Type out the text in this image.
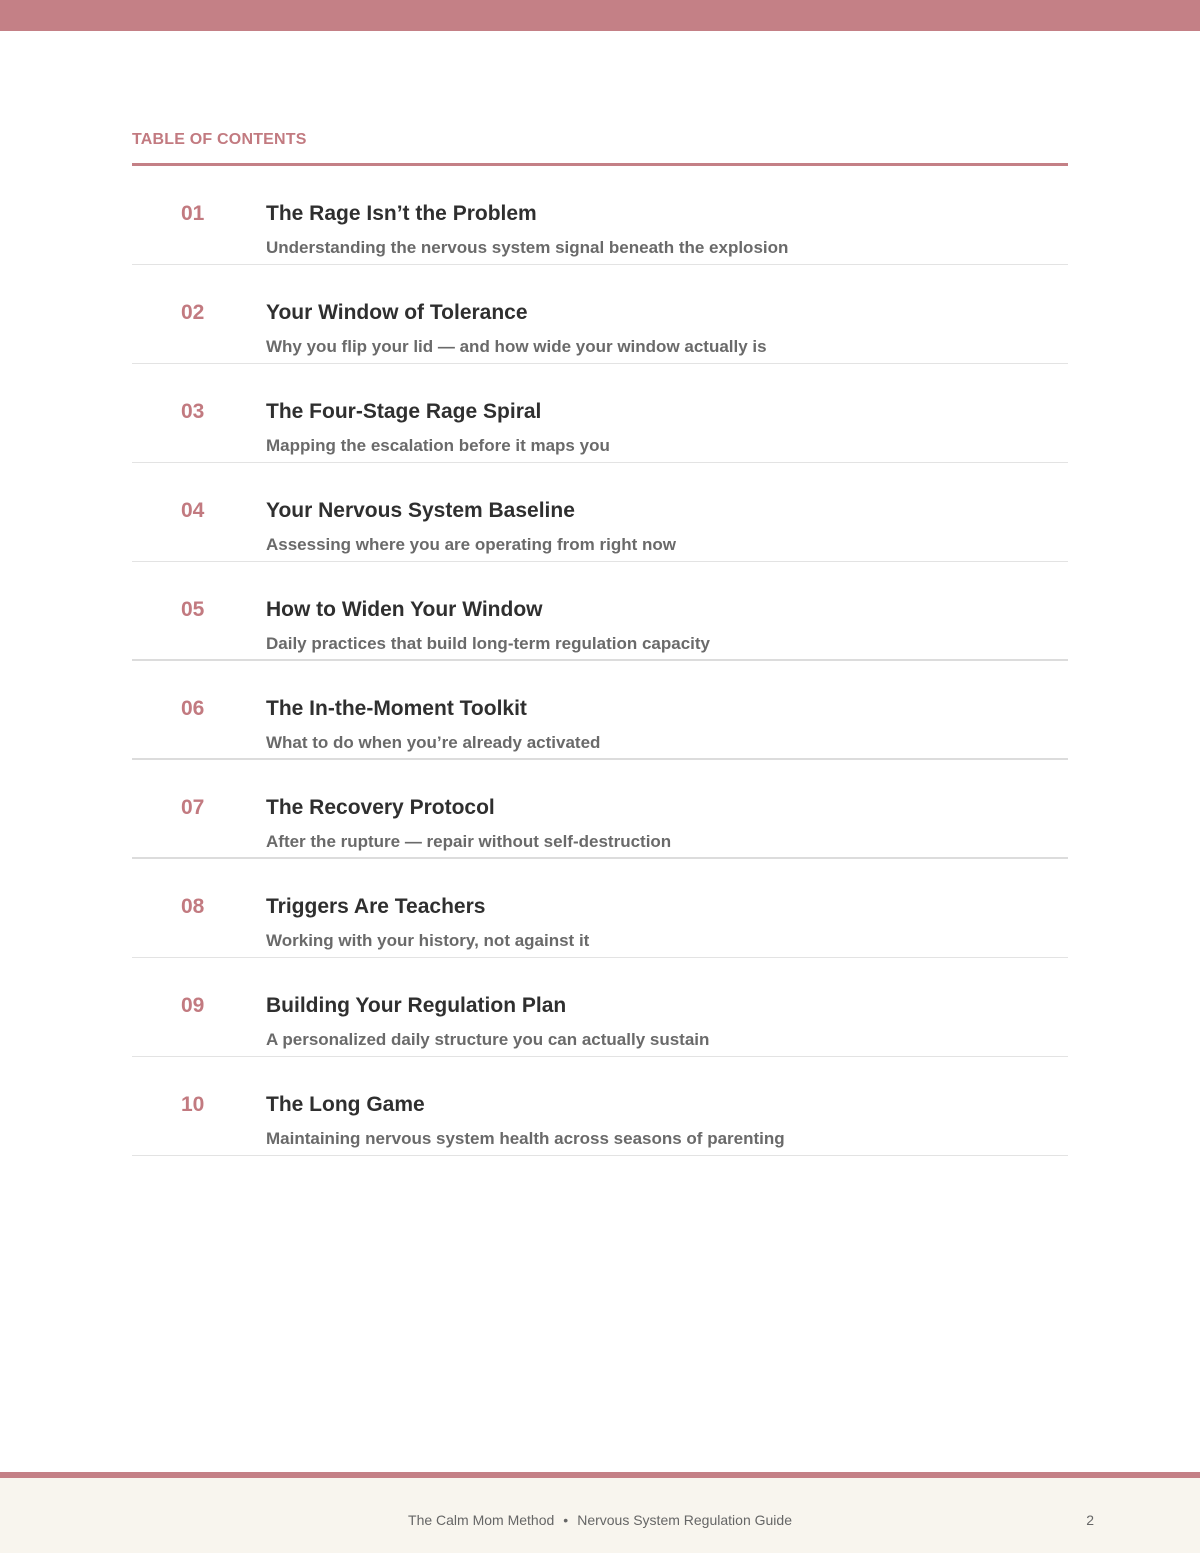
TABLE OF CONTENTS
01	The Rage Isn’t the Problem
Understanding the nervous system signal beneath the explosion
02	Your Window of Tolerance
Why you flip your lid — and how wide your window actually is
03	The Four-Stage Rage Spiral
Mapping the escalation before it maps you
04	Your Nervous System Baseline
Assessing where you are operating from right now
05	How to Widen Your Window
Daily practices that build long-term regulation capacity
06	The In-the-Moment Toolkit
What to do when you’re already activated
07	The Recovery Protocol
After the rupture — repair without self-destruction
08	Triggers Are Teachers
Working with your history, not against it
09	Building Your Regulation Plan
A personalized daily structure you can actually sustain
10	The Long Game
Maintaining nervous system health across seasons of parenting
The Calm Mom Method • Nervous System Regulation Guide	2
